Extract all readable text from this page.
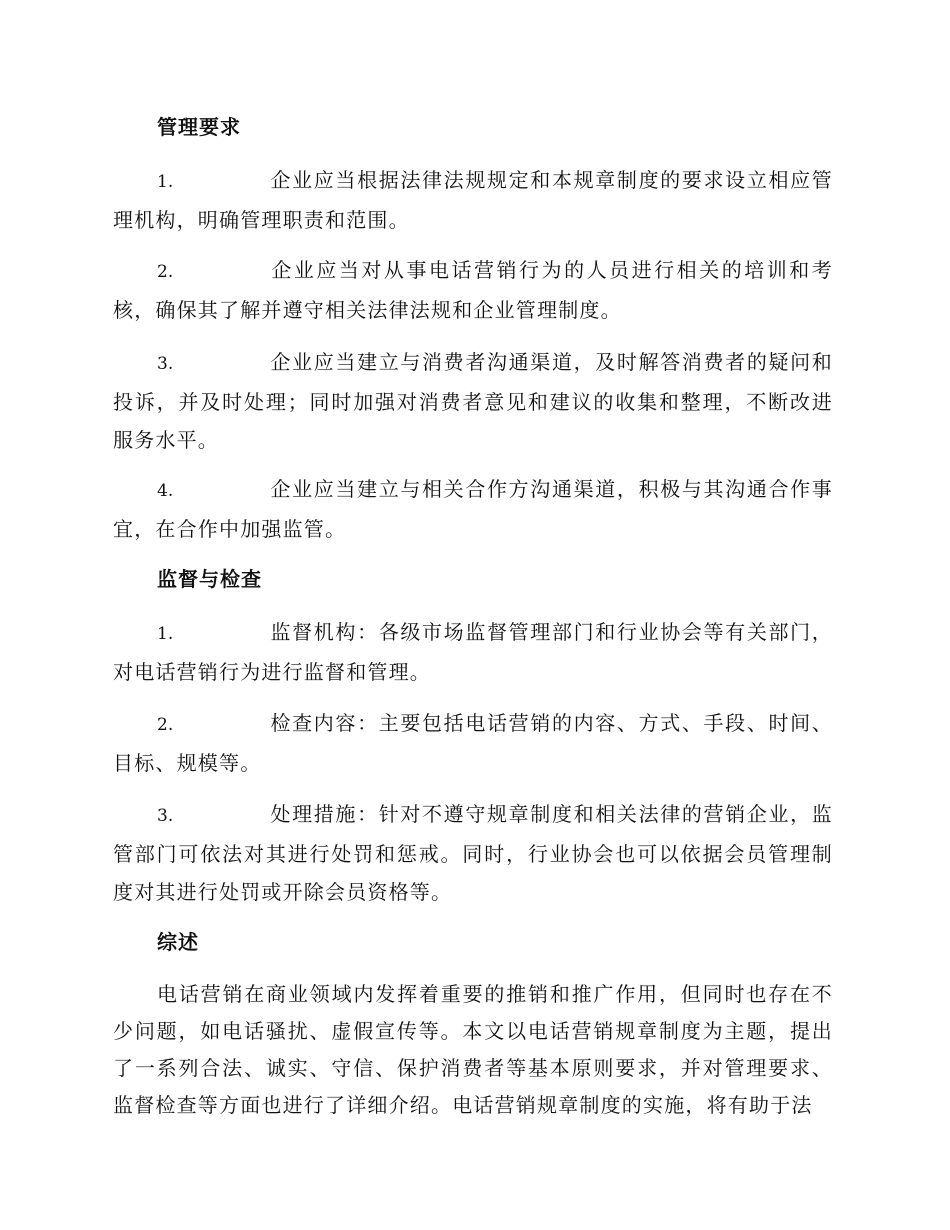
管理要求
1.	企业应当根据法律法规规定和本规章制度的要求设立相应管理机构，明确管理职责和范围。
2.	企业应当对从事电话营销行为的人员进行相关的培训和考核，确保其了解并遵守相关法律法规和企业管理制度。
3.	企业应当建立与消费者沟通渠道，及时解答消费者的疑问和投诉，并及时处理；同时加强对消费者意见和建议的收集和整理，不断改进服务水平。
4.	企业应当建立与相关合作方沟通渠道，积极与其沟通合作事宜，在合作中加强监管。
监督与检查
1.	监督机构：各级市场监督管理部门和行业协会等有关部门，对电话营销行为进行监督和管理。
2.	检查内容：主要包括电话营销的内容、方式、手段、时间、目标、规模等。
3.	处理措施：针对不遵守规章制度和相关法律的营销企业，监管部门可依法对其进行处罚和惩戒。同时，行业协会也可以依据会员管理制度对其进行处罚或开除会员资格等。
综述
电话营销在商业领域内发挥着重要的推销和推广作用，但同时也存在不少问题，如电话骚扰、虚假宣传等。本文以电话营销规章制度为主题，提出了一系列合法、诚实、守信、保护消费者等基本原则要求，并对管理要求、监督检查等方面也进行了详细介绍。电话营销规章制度的实施，将有助于法
